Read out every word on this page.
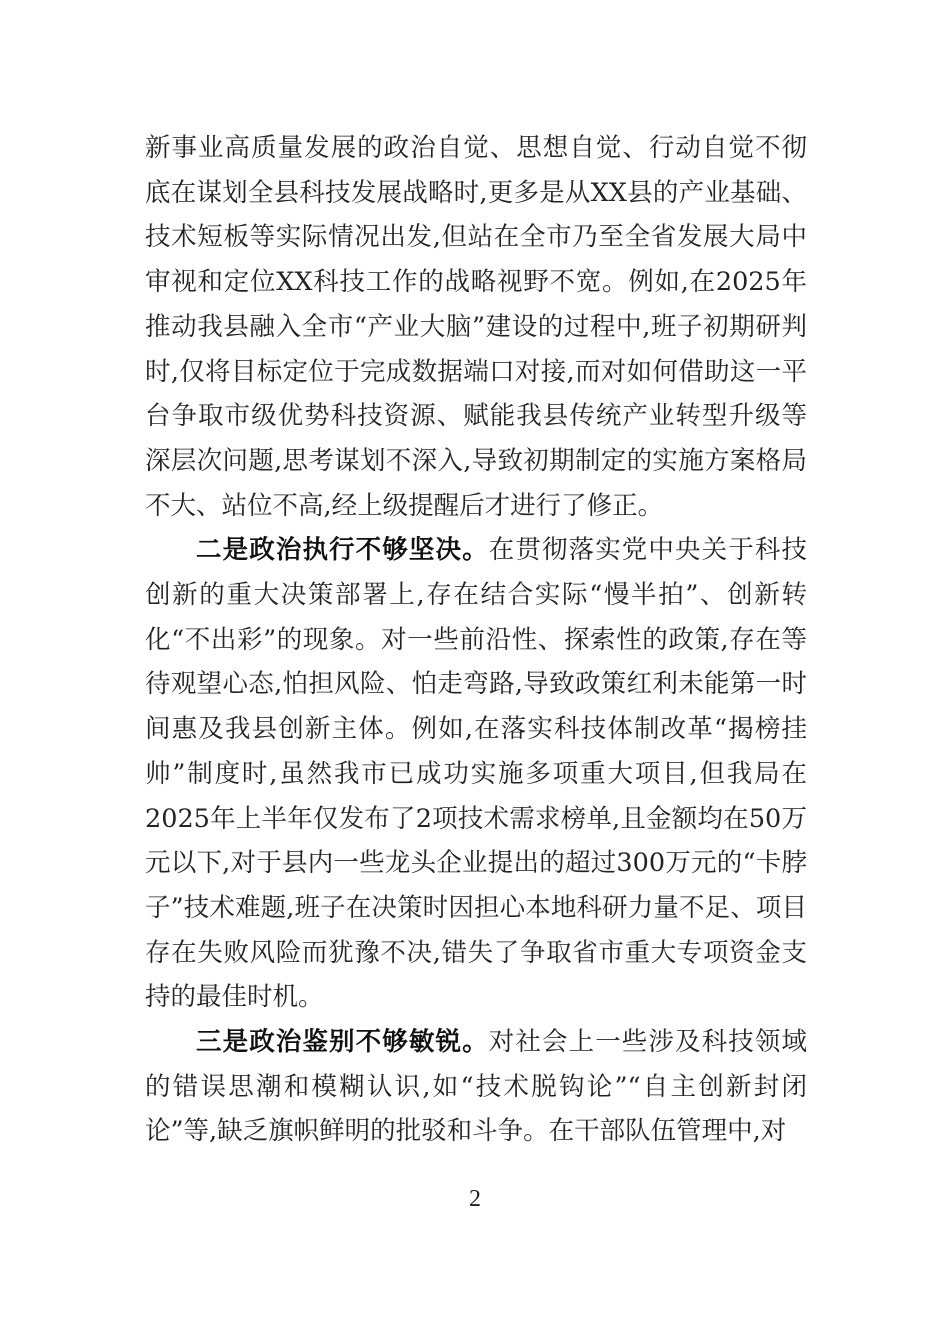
新事业高质量发展的政治自觉、思想自觉、行动自觉不彻底在谋划全县科技发展战略时,更多是从XX县的产业基础、技术短板等实际情况出发,但站在全市乃至全省发展大局中审视和定位XX科技工作的战略视野不宽。例如,在2025年推动我县融入全市“产业大脑”建设的过程中,班子初期研判时,仅将目标定位于完成数据端口对接,而对如何借助这一平台争取市级优势科技资源、赋能我县传统产业转型升级等深层次问题,思考谋划不深入,导致初期制定的实施方案格局不大、站位不高,经上级提醒后才进行了修正。

二是政治执行不够坚决。在贯彻落实党中央关于科技创新的重大决策部署上,存在结合实际“慢半拍”、创新转化“不出彩”的现象。对一些前沿性、探索性的政策,存在等待观望心态,怕担风险、怕走弯路,导致政策红利未能第一时间惠及我县创新主体。例如,在落实科技体制改革“揭榜挂帅”制度时,虽然我市已成功实施多项重大项目,但我局在2025年上半年仅发布了2项技术需求榜单,且金额均在50万元以下,对于县内一些龙头企业提出的超过300万元的“卡脖子”技术难题,班子在决策时因担心本地科研力量不足、项目存在失败风险而犹豫不决,错失了争取省市重大专项资金支持的最佳时机。

三是政治鉴别不够敏锐。对社会上一些涉及科技领域的错误思潮和模糊认识,如“技术脱钩论”“自主创新封闭论”等,缺乏旗帜鲜明的批驳和斗争。在干部队伍管理中,对

2
